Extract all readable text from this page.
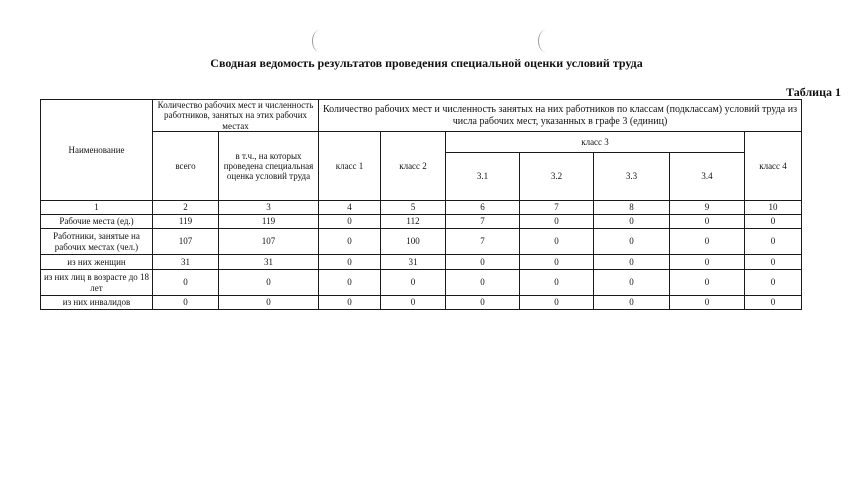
Сводная ведомость результатов проведения специальной оценки условий труда
Таблица 1
Наименование	Количество рабочих мест и численность работников, занятых на этих рабочих местах		Количество рабочих мест и численность занятых на них работников по классам (подклассам) условий труда из числа рабочих мест, указанных в графе 3 (единиц)						
	всего	в т.ч., на которых проведена специальная оценка условий труда	класс 1	класс 2	класс 3				класс 4
					3.1	3.2	3.3	3.4	
1	2	3	4	5	6	7	8	9	10
Рабочие места (ед.)	119	119	0	112	7	0	0	0	0
Работники, занятые на рабочих местах (чел.)	107	107	0	100	7	0	0	0	0
из них женщин	31	31	0	31	0	0	0	0	0
из них лиц в возрасте до 18 лет	0	0	0	0	0	0	0	0	0
из них инвалидов	0	0	0	0	0	0	0	0	0
